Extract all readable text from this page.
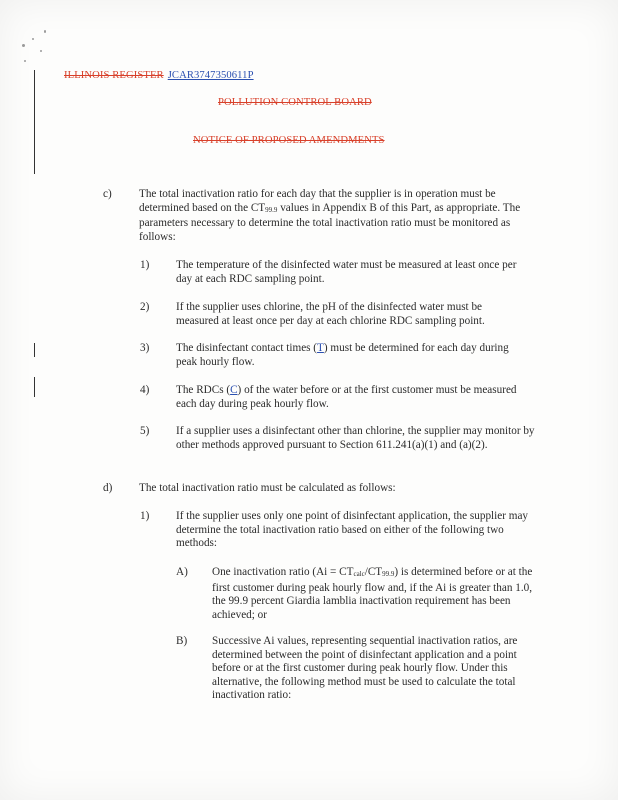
ILLINOIS REGISTER JCAR3747350611P
POLLUTION CONTROL BOARD
NOTICE OF PROPOSED AMENDMENTS
c) The total inactivation ratio for each day that the supplier is in operation must be determined based on the CT99.9 values in Appendix B of this Part, as appropriate. The parameters necessary to determine the total inactivation ratio must be monitored as follows:
1) The temperature of the disinfected water must be measured at least once per day at each RDC sampling point.
2) If the supplier uses chlorine, the pH of the disinfected water must be measured at least once per day at each chlorine RDC sampling point.
3) The disinfectant contact times (T) must be determined for each day during peak hourly flow.
4) The RDCs (C) of the water before or at the first customer must be measured each day during peak hourly flow.
5) If a supplier uses a disinfectant other than chlorine, the supplier may monitor by other methods approved pursuant to Section 611.241(a)(1) and (a)(2).
d) The total inactivation ratio must be calculated as follows:
1) If the supplier uses only one point of disinfectant application, the supplier may determine the total inactivation ratio based on either of the following two methods:
A) One inactivation ratio (Ai = CTcalc/CT99.9) is determined before or at the first customer during peak hourly flow and, if the Ai is greater than 1.0, the 99.9 percent Giardia lamblia inactivation requirement has been achieved; or
B) Successive Ai values, representing sequential inactivation ratios, are determined between the point of disinfectant application and a point before or at the first customer during peak hourly flow. Under this alternative, the following method must be used to calculate the total inactivation ratio:
